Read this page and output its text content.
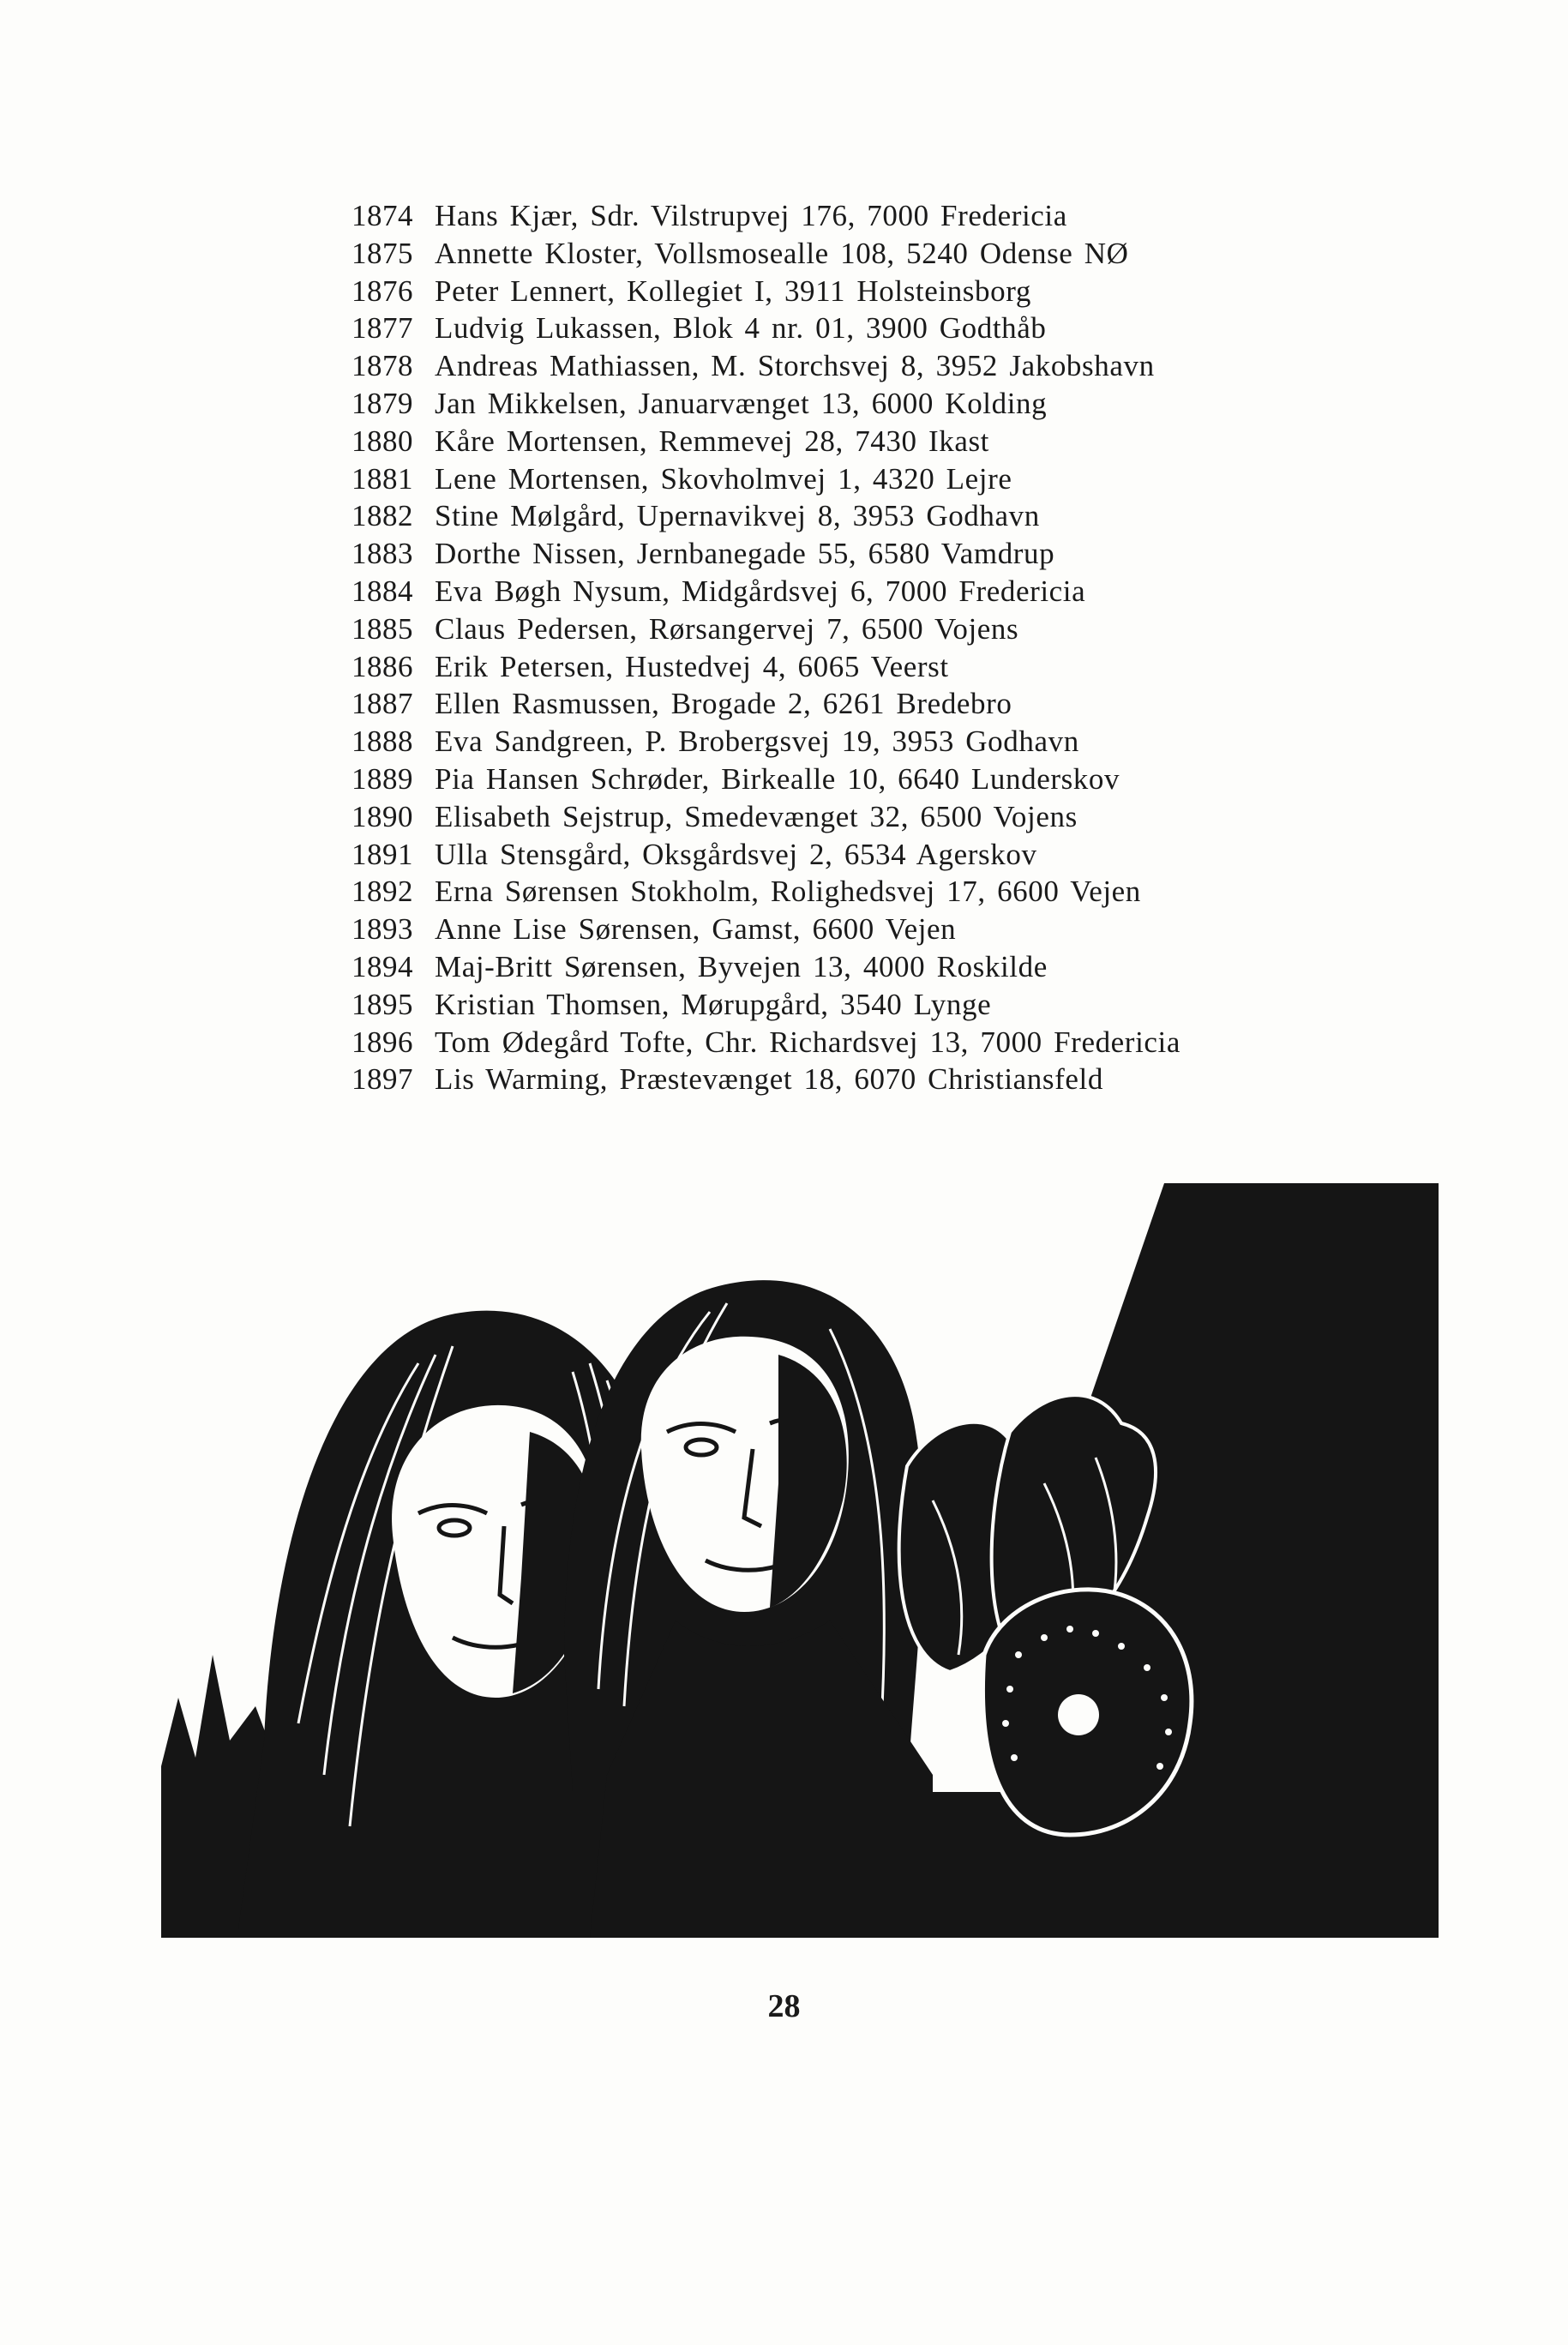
1874 Hans Kjær, Sdr. Vilstrupvej 176, 7000 Fredericia
1875 Annette Kloster, Vollsmosealle 108, 5240 Odense NØ
1876 Peter Lennert, Kollegiet I, 3911 Holsteinsborg
1877 Ludvig Lukassen, Blok 4 nr. 01, 3900 Godthåb
1878 Andreas Mathiassen, M. Storchsvej 8, 3952 Jakobshavn
1879 Jan Mikkelsen, Januarvænget 13, 6000 Kolding
1880 Kåre Mortensen, Remmevej 28, 7430 Ikast
1881 Lene Mortensen, Skovholmvej 1, 4320 Lejre
1882 Stine Mølgård, Upernavikvej 8, 3953 Godhavn
1883 Dorthe Nissen, Jernbanegade 55, 6580 Vamdrup
1884 Eva Bøgh Nysum, Midgårdsvej 6, 7000 Fredericia
1885 Claus Pedersen, Rørsangervej 7, 6500 Vojens
1886 Erik Petersen, Hustedvej 4, 6065 Veerst
1887 Ellen Rasmussen, Brogade 2, 6261 Bredebro
1888 Eva Sandgreen, P. Brobergsvej 19, 3953 Godhavn
1889 Pia Hansen Schrøder, Birkealle 10, 6640 Lunderskov
1890 Elisabeth Sejstrup, Smedevænget 32, 6500 Vojens
1891 Ulla Stensgård, Oksgårdsvej 2, 6534 Agerskov
1892 Erna Sørensen Stokholm, Rolighedsvej 17, 6600 Vejen
1893 Anne Lise Sørensen, Gamst, 6600 Vejen
1894 Maj-Britt Sørensen, Byvejen 13, 4000 Roskilde
1895 Kristian Thomsen, Mørupgård, 3540 Lynge
1896 Tom Ødegård Tofte, Chr. Richardsvej 13, 7000 Fredericia
1897 Lis Warming, Præstevænget 18, 6070 Christiansfeld
28
